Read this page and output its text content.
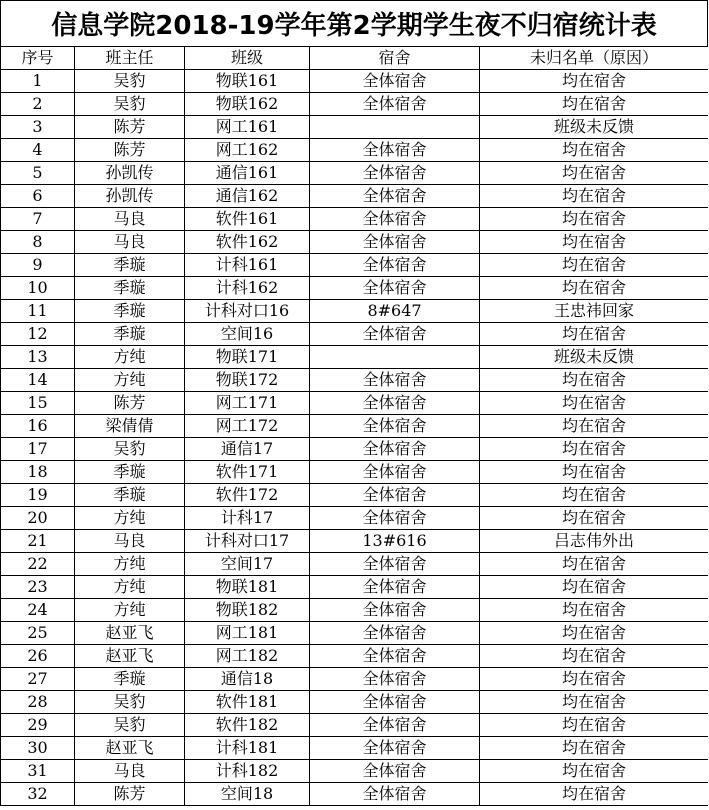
信息学院2018-19学年第2学期学生夜不归宿统计表
序号	班主任	班级	宿舍	未归名单（原因）
1	吴豹	物联161	全体宿舍	均在宿舍
2	吴豹	物联162	全体宿舍	均在宿舍
3	陈芳	网工161		班级未反馈
4	陈芳	网工162	全体宿舍	均在宿舍
5	孙凯传	通信161	全体宿舍	均在宿舍
6	孙凯传	通信162	全体宿舍	均在宿舍
7	马良	软件161	全体宿舍	均在宿舍
8	马良	软件162	全体宿舍	均在宿舍
9	季璇	计科161	全体宿舍	均在宿舍
10	季璇	计科162	全体宿舍	均在宿舍
11	季璇	计科对口16	8#647	王忠祎回家
12	季璇	空间16	全体宿舍	均在宿舍
13	方纯	物联171		班级未反馈
14	方纯	物联172	全体宿舍	均在宿舍
15	陈芳	网工171	全体宿舍	均在宿舍
16	梁倩倩	网工172	全体宿舍	均在宿舍
17	吴豹	通信17	全体宿舍	均在宿舍
18	季璇	软件171	全体宿舍	均在宿舍
19	季璇	软件172	全体宿舍	均在宿舍
20	方纯	计科17	全体宿舍	均在宿舍
21	马良	计科对口17	13#616	吕志伟外出
22	方纯	空间17	全体宿舍	均在宿舍
23	方纯	物联181	全体宿舍	均在宿舍
24	方纯	物联182	全体宿舍	均在宿舍
25	赵亚飞	网工181	全体宿舍	均在宿舍
26	赵亚飞	网工182	全体宿舍	均在宿舍
27	季璇	通信18	全体宿舍	均在宿舍
28	吴豹	软件181	全体宿舍	均在宿舍
29	吴豹	软件182	全体宿舍	均在宿舍
30	赵亚飞	计科181	全体宿舍	均在宿舍
31	马良	计科182	全体宿舍	均在宿舍
32	陈芳	空间18	全体宿舍	均在宿舍
